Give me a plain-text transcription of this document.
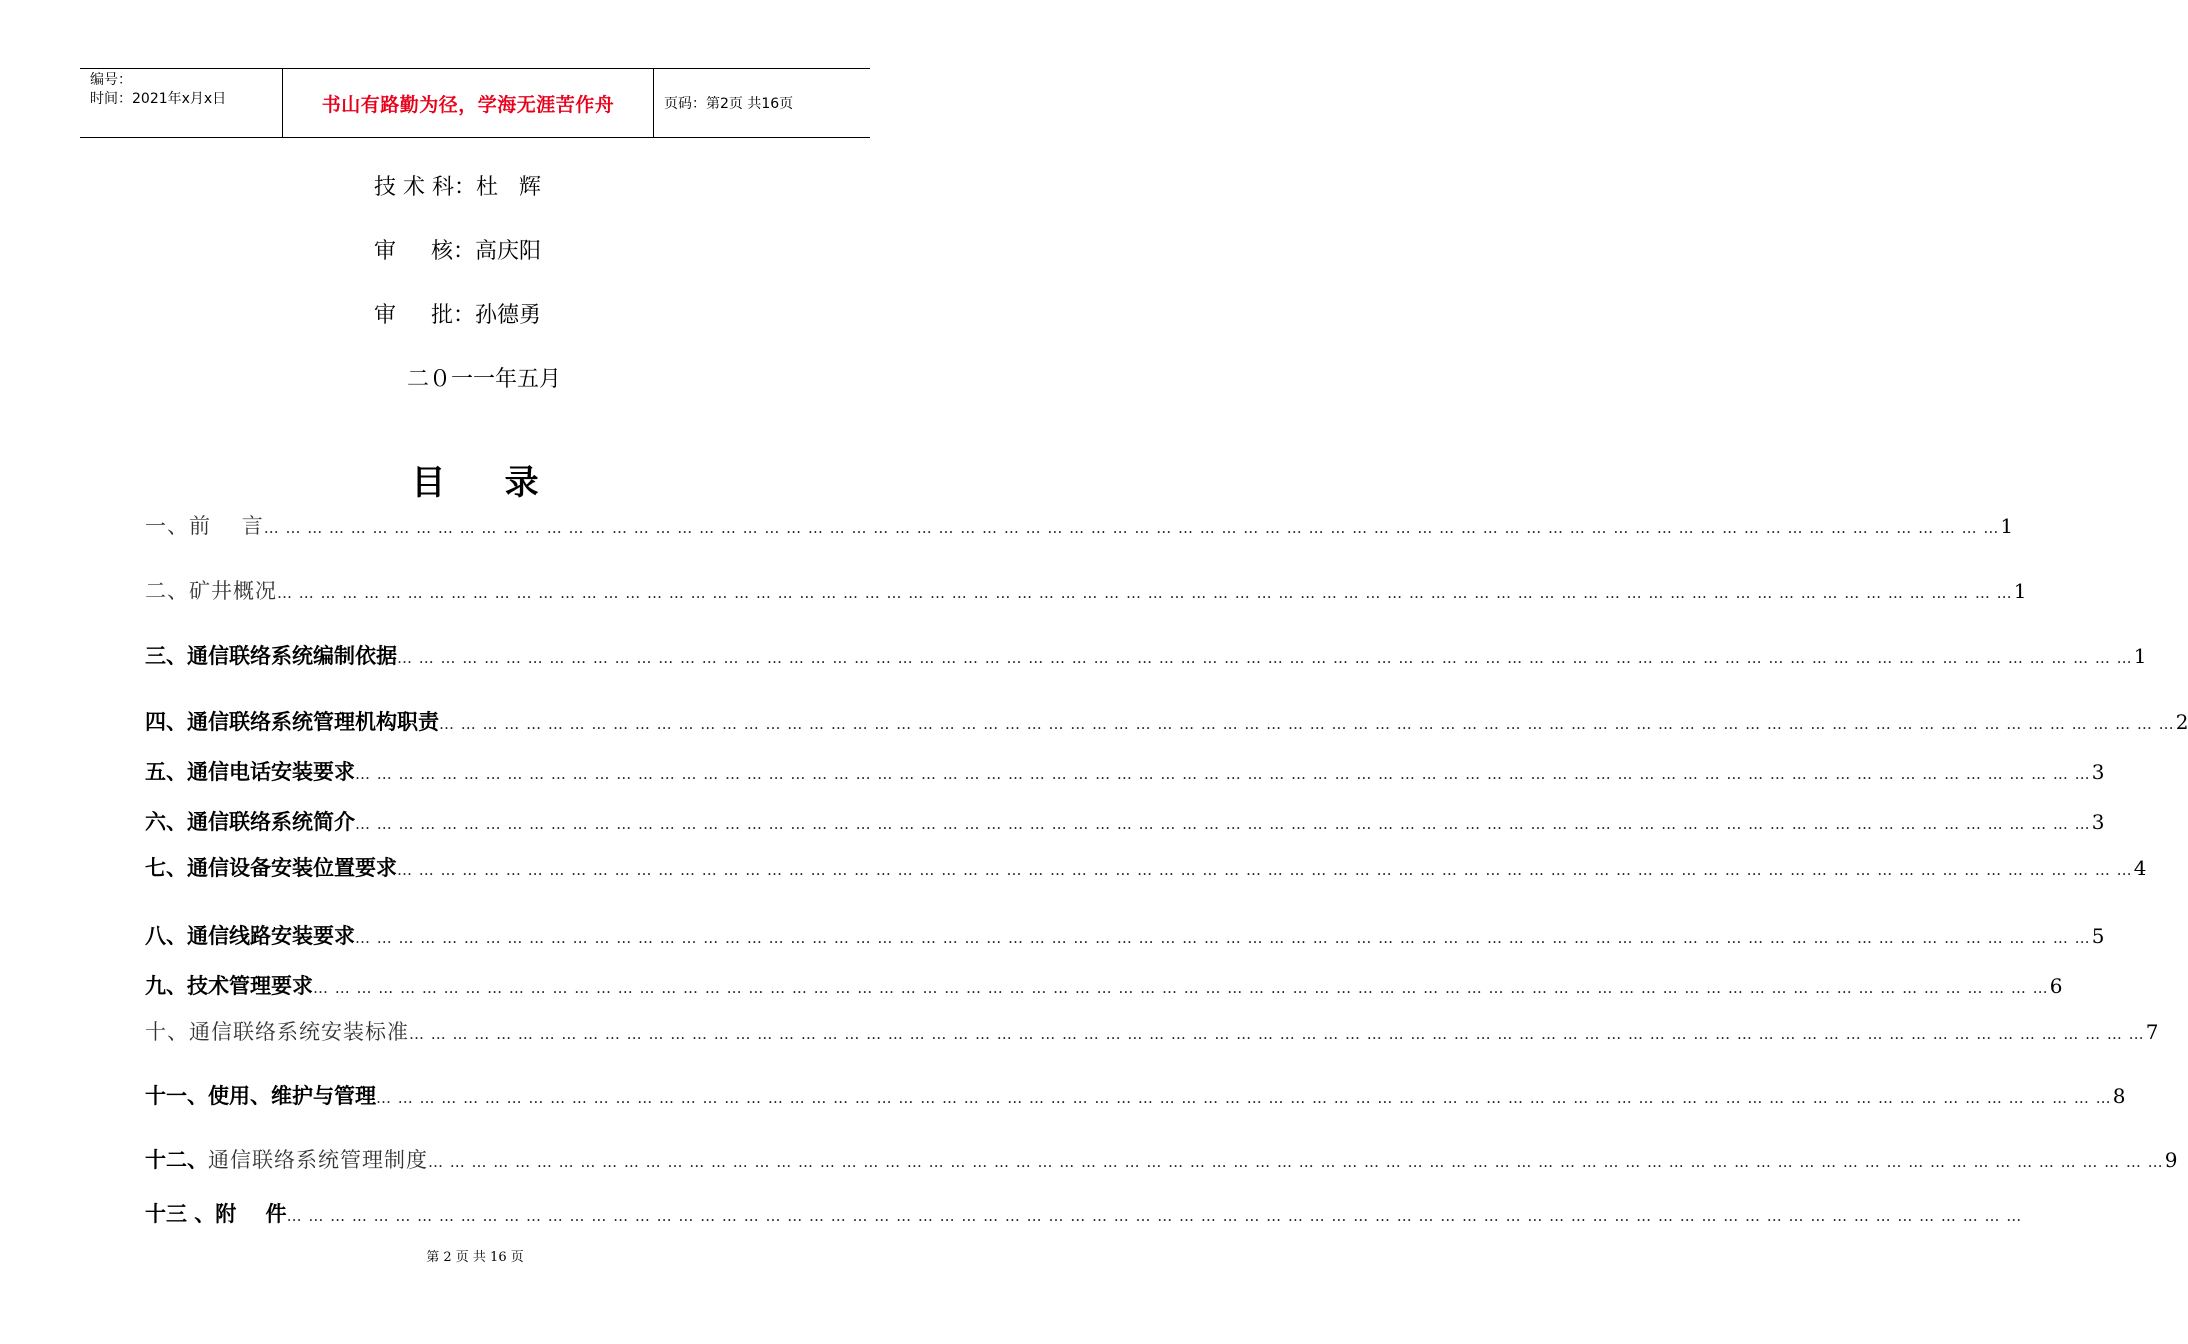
编号：
时间：2021年x月x日	书山有路勤为径，学海无涯苦作舟	页码：第2页 共16页
技 术 科：杜   辉
审     核：高庆阳
审     批：孙德勇
二０一一年五月
目     录
一、前    言 … … … … … … … … … … … … … … … … … … … … … … … … … … … … … … … … … … … … … … … … … … … … … … … … … … … … … … … … … … … … … … … … … … … … … … … … … … … … … … … … 1
二、矿井概况 … … … … … … … … … … … … … … … … … … … … … … … … … … … … … … … … … … … … … … … … … … … … … … … … … … … … … … … … … … … … … … … … … … … … … … … … … … … … … … … … 1
三、通信联络系统编制依据 … … … … … … … … … … … … … … … … … … … … … … … … … … … … … … … … … … … … … … … … … … … … … … … … … … … … … … … … … … … … … … … … … … … … … … … … … … … … … … … … 1
四、通信联络系统管理机构职责 … … … … … … … … … … … … … … … … … … … … … … … … … … … … … … … … … … … … … … … … … … … … … … … … … … … … … … … … … … … … … … … … … … … … … … … … … … … … … … … … 2
五、通信电话安装要求 … … … … … … … … … … … … … … … … … … … … … … … … … … … … … … … … … … … … … … … … … … … … … … … … … … … … … … … … … … … … … … … … … … … … … … … … … … … … … … … … 3
六、通信联络系统简介 … … … … … … … … … … … … … … … … … … … … … … … … … … … … … … … … … … … … … … … … … … … … … … … … … … … … … … … … … … … … … … … … … … … … … … … … … … … … … … … … 3
七、通信设备安装位置要求 … … … … … … … … … … … … … … … … … … … … … … … … … … … … … … … … … … … … … … … … … … … … … … … … … … … … … … … … … … … … … … … … … … … … … … … … … … … … … … … … 4
八、通信线路安装要求 … … … … … … … … … … … … … … … … … … … … … … … … … … … … … … … … … … … … … … … … … … … … … … … … … … … … … … … … … … … … … … … … … … … … … … … … … … … … … … … … 5
九、技术管理要求 … … … … … … … … … … … … … … … … … … … … … … … … … … … … … … … … … … … … … … … … … … … … … … … … … … … … … … … … … … … … … … … … … … … … … … … … … … … … … … … … 6
十、通信联络系统安装标准 … … … … … … … … … … … … … … … … … … … … … … … … … … … … … … … … … … … … … … … … … … … … … … … … … … … … … … … … … … … … … … … … … … … … … … … … … … … … … … … … 7
十一、使用、维护与管理 … … … … … … … … … … … … … … … … … … … … … … … … … … … … … … … … … … … … … … … … … … … … … … … … … … … … … … … … … … … … … … … … … … … … … … … … … … … … … … … … 8
十二、 通信联络系统管理制度 … … … … … … … … … … … … … … … … … … … … … … … … … … … … … … … … … … … … … … … … … … … … … … … … … … … … … … … … … … … … … … … … … … … … … … … … … … … … … … … … 9
十三 、附    件 … … … … … … … … … … … … … … … … … … … … … … … … … … … … … … … … … … … … … … … … … … … … … … … … … … … … … … … … … … … … … … … … … … … … … … … … … … … … … … … …
第 2 页 共 16 页
